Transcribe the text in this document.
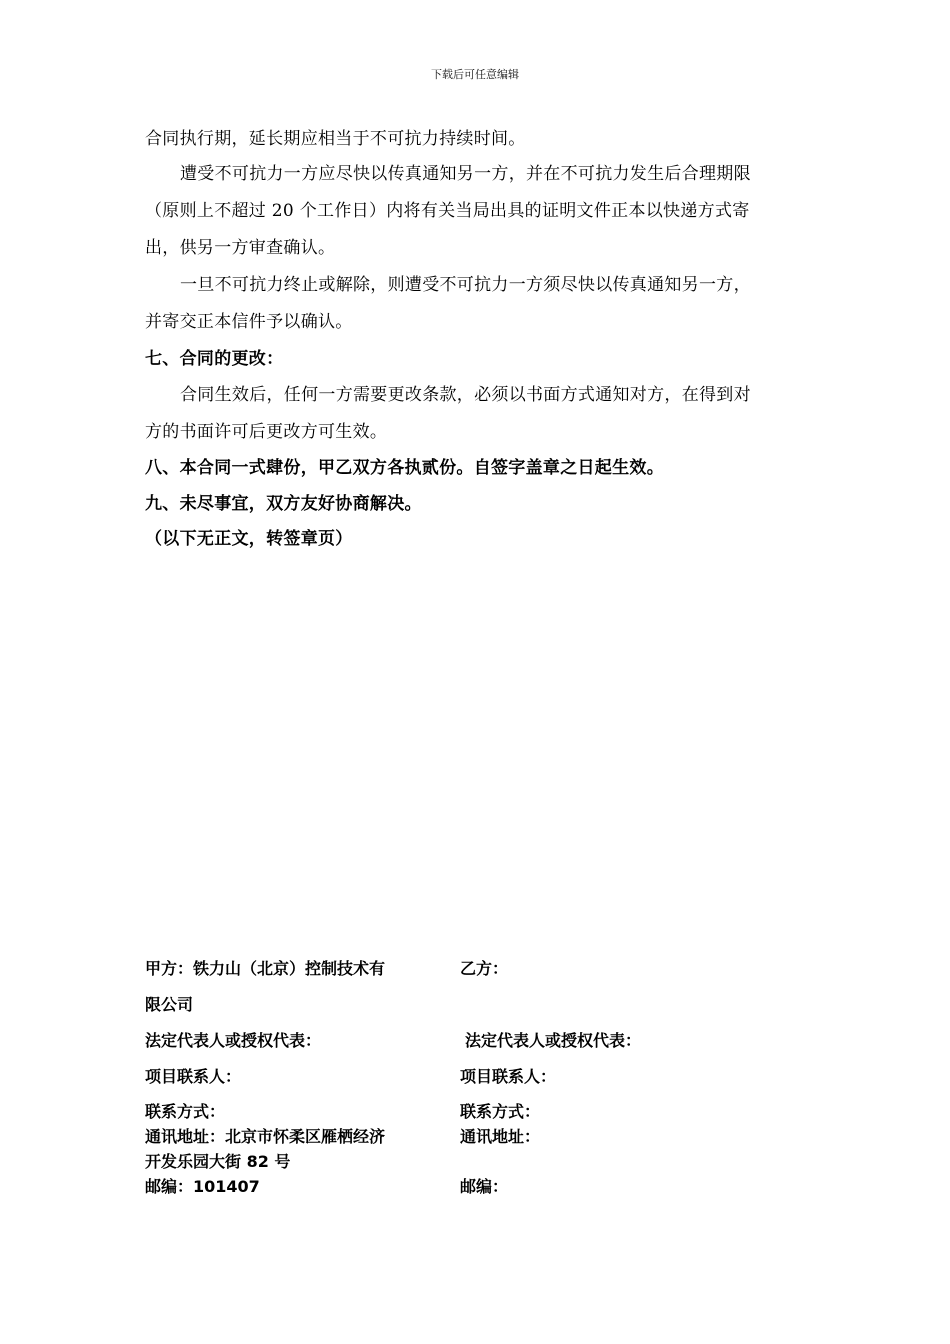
下载后可任意编辑
合同执行期，延长期应相当于不可抗力持续时间。
遭受不可抗力一方应尽快以传真通知另一方，并在不可抗力发生后合理期限
（原则上不超过 20 个工作日）内将有关当局出具的证明文件正本以快递方式寄
出，供另一方审查确认。
一旦不可抗力终止或解除，则遭受不可抗力一方须尽快以传真通知另一方，
并寄交正本信件予以确认。
七、合同的更改：
合同生效后，任何一方需要更改条款，必须以书面方式通知对方，在得到对
方的书面许可后更改方可生效。
八、本合同一式肆份，甲乙双方各执贰份。自签字盖章之日起生效。
九、未尽事宜，双方友好协商解决。
（以下无正文，转签章页）
甲方：铁力山（北京）控制技术有
限公司
法定代表人或授权代表：
项目联系人：
联系方式：
通讯地址：北京市怀柔区雁栖经济
开发乐园大街 82 号
邮编：101407
乙方：
法定代表人或授权代表：
项目联系人：
联系方式：
通讯地址：
邮编：
